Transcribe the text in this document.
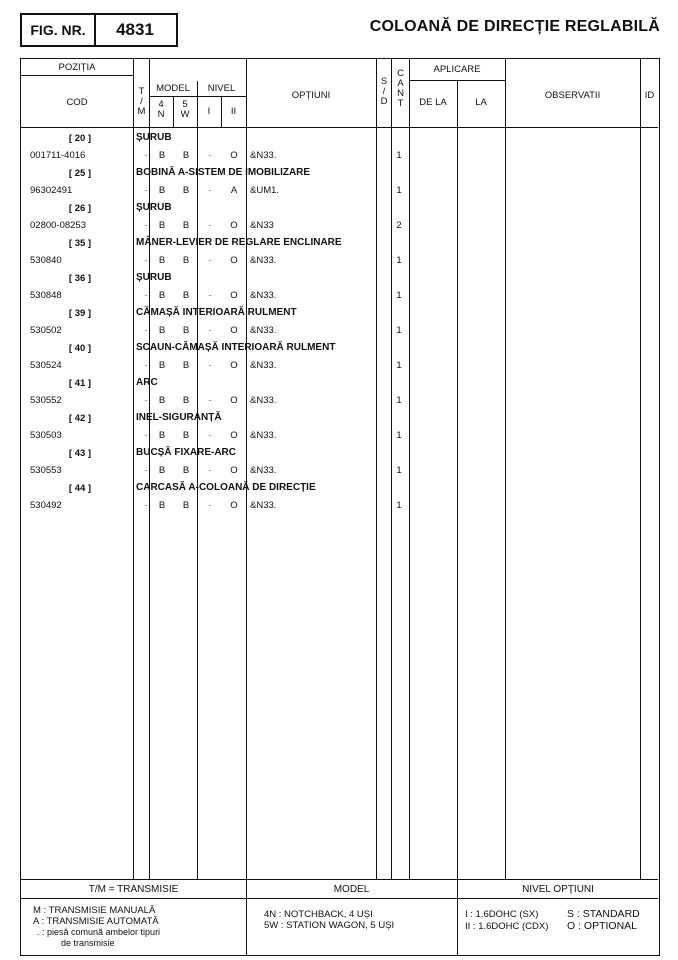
FIG. NR.	4831	COLOANĂ DE DIRECȚIE REGLABILĂ
POZIȚIA
COD
T
/
M
MODEL
4
N
5
W
NIVEL
I	II
OPȚIUNI
S
/
D
C
A
N
T
APLICARE
DE LA	LA
OBSERVATII	ID
T/M = TRANSMISIE	MODEL	NIVEL OPȚIUNI
M : TRANSMISIE MANUALĂ
A : TRANSMISIE AUTOMATĂ
. : piesă comună ambelor tipuri
de transmisie
4N : NOTCHBACK, 4 UȘI
5W : STATION WAGON, 5 UȘI
I : 1.6DOHC (SX)
II : 1.6DOHC (CDX)
S : STANDARD
O : OPTIONAL
[ 20 ]	ȘURUB
001711-4016	.	B	B	.	O	&N33.	1
[ 25 ]	BOBINĂ A-SISTEM DE IMOBILIZARE
96302491	.	B	B	.	A	&UM1.	1
[ 26 ]	ȘURUB
02800-08253	.	B	B	.	O	&N33	2
[ 35 ]	MÂNER-LEVIER DE REGLARE ENCLINARE
530840	.	B	B	.	O	&N33.	1
[ 36 ]	ȘURUB
530848	.	B	B	.	O	&N33.	1
[ 39 ]	CĂMAȘĂ INTERIOARĂ RULMENT
530502	.	B	B	.	O	&N33.	1
[ 40 ]	SCAUN-CĂMAȘĂ INTERIOARĂ RULMENT
530524	.	B	B	.	O	&N33.	1
[ 41 ]	ARC
530552	.	B	B	.	O	&N33.	1
[ 42 ]	INEL-SIGURANȚĂ
530503	.	B	B	.	O	&N33.	1
[ 43 ]	BUCȘĂ FIXARE-ARC
530553	.	B	B	.	O	&N33.	1
[ 44 ]	CARCASĂ A-COLOANĂ DE DIRECȚIE
530492	.	B	B	.	O	&N33.	1
